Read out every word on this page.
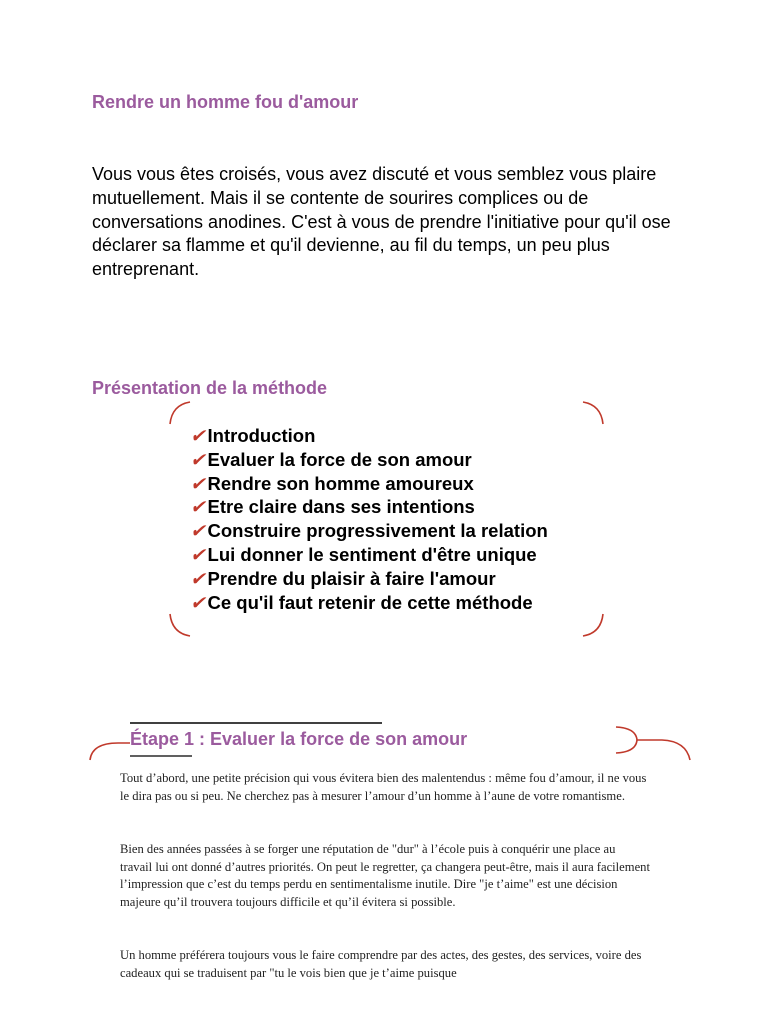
Rendre un homme fou d'amour

Vous vous êtes croisés, vous avez discuté et vous semblez vous plaire mutuellement. Mais il se contente de sourires complices ou de conversations anodines. C'est à vous de prendre l'initiative pour qu'il ose déclarer sa flamme et qu'il devienne, au fil du temps, un peu plus entreprenant.

Présentation de la méthode
✔ Introduction
✔ Evaluer la force de son amour
✔ Rendre son homme amoureux
✔ Etre claire dans ses intentions
✔ Construire progressivement la relation
✔ Lui donner le sentiment d'être unique
✔ Prendre du plaisir à faire l'amour
✔ Ce qu'il faut retenir de cette méthode
Étape 1 : Evaluer la force de son amour

Tout d’abord, une petite précision qui vous évitera bien des malentendus : même fou d’amour, il ne vous le dira pas ou si peu. Ne cherchez pas à mesurer l’amour d’un homme à l’aune de votre romantisme.

Bien des années passées à se forger une réputation de "dur" à l’école puis à conquérir une place au travail lui ont donné d’autres priorités. On peut le regretter, ça changera peut-être, mais il aura facilement l’impression que c’est du temps perdu en sentimentalisme inutile. Dire "je t’aime" est une décision majeure qu’il trouvera toujours difficile et qu’il évitera si possible.

Un homme préférera toujours vous le faire comprendre par des actes, des gestes, des services, voire des cadeaux qui se traduisent par "tu le vois bien que je t’aime puisque
